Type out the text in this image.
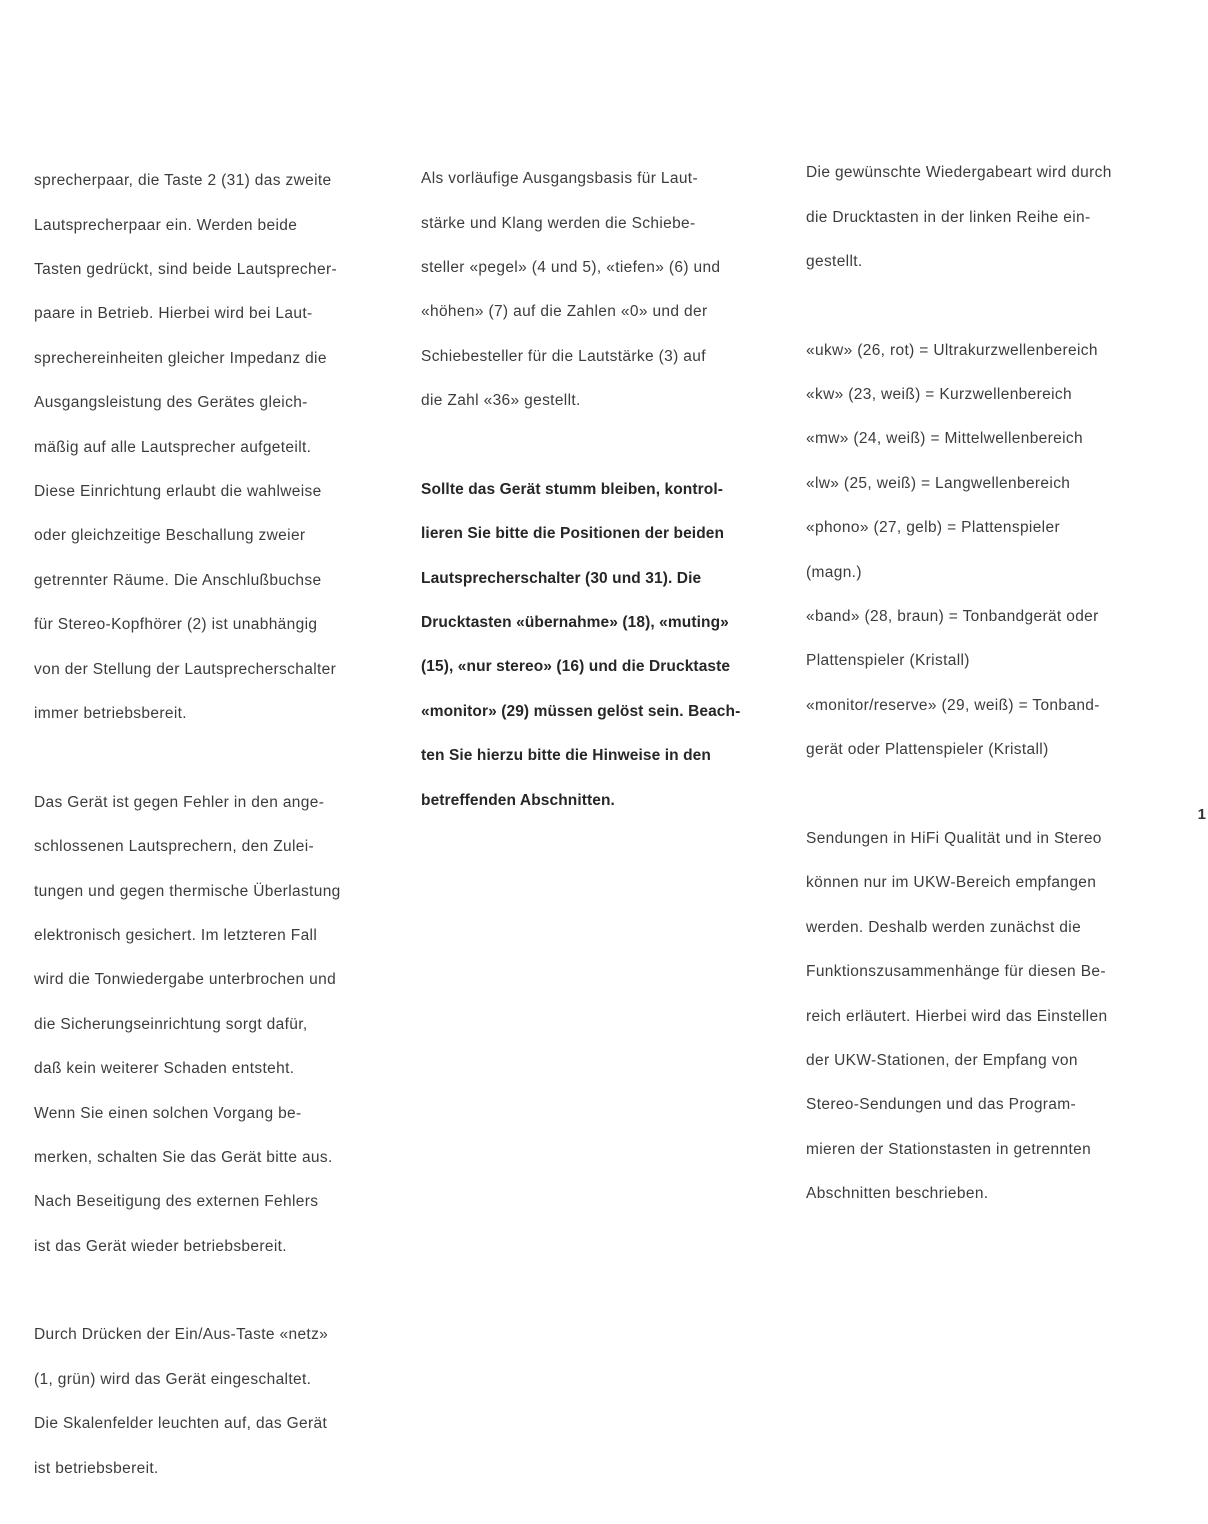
sprecherpaar, die Taste 2 (31) das zweite

Lautsprecherpaar ein. Werden beide

Tasten gedrückt, sind beide Lautsprecher-

paare in Betrieb. Hierbei wird bei Laut-

sprechereinheiten gleicher Impedanz die

Ausgangsleistung des Gerätes gleich-

mäßig auf alle Lautsprecher aufgeteilt.

Diese Einrichtung erlaubt die wahlweise

oder gleichzeitige Beschallung zweier

getrennter Räume. Die Anschlußbuchse

für Stereo-Kopfhörer (2) ist unabhängig

von der Stellung der Lautsprecherschalter

immer betriebsbereit.

Das Gerät ist gegen Fehler in den ange-

schlossenen Lautsprechern, den Zulei-

tungen und gegen thermische Überlastung

elektronisch gesichert. Im letzteren Fall

wird die Tonwiedergabe unterbrochen und

die Sicherungseinrichtung sorgt dafür,

daß kein weiterer Schaden entsteht.

Wenn Sie einen solchen Vorgang be-

merken, schalten Sie das Gerät bitte aus.

Nach Beseitigung des externen Fehlers

ist das Gerät wieder betriebsbereit.

Durch Drücken der Ein/Aus-Taste «netz»

(1, grün) wird das Gerät eingeschaltet.

Die Skalenfelder leuchten auf, das Gerät

ist betriebsbereit.

Als vorläufige Ausgangsbasis für Laut-

stärke und Klang werden die Schiebe-

steller «pegel» (4 und 5), «tiefen» (6) und

«höhen» (7) auf die Zahlen «0» und der

Schiebesteller für die Lautstärke (3) auf

die Zahl «36» gestellt.

Sollte das Gerät stumm bleiben, kontrol-

lieren Sie bitte die Positionen der beiden

Lautsprecherschalter (30 und 31). Die

Drucktasten «übernahme» (18), «muting»

(15), «nur stereo» (16) und die Drucktaste

«monitor» (29) müssen gelöst sein. Beach-

ten Sie hierzu bitte die Hinweise in den

betreffenden Abschnitten.

Die gewünschte Wiedergabeart wird durch

die Drucktasten in der linken Reihe ein-

gestellt.

«ukw» (26, rot) = Ultrakurzwellenbereich

«kw» (23, weiß) = Kurzwellenbereich

«mw» (24, weiß) = Mittelwellenbereich

«lw» (25, weiß) = Langwellenbereich

«phono» (27, gelb) = Plattenspieler

(magn.)

«band» (28, braun) = Tonbandgerät oder

Plattenspieler (Kristall)

«monitor/reserve» (29, weiß) = Tonband-

gerät oder Plattenspieler (Kristall)

Sendungen in HiFi Qualität und in Stereo

können nur im UKW-Bereich empfangen

werden. Deshalb werden zunächst die

Funktionszusammenhänge für diesen Be-

reich erläutert. Hierbei wird das Einstellen

der UKW-Stationen, der Empfang von

Stereo-Sendungen und das Program-

mieren der Stationstasten in getrennten

Abschnitten beschrieben.

1
